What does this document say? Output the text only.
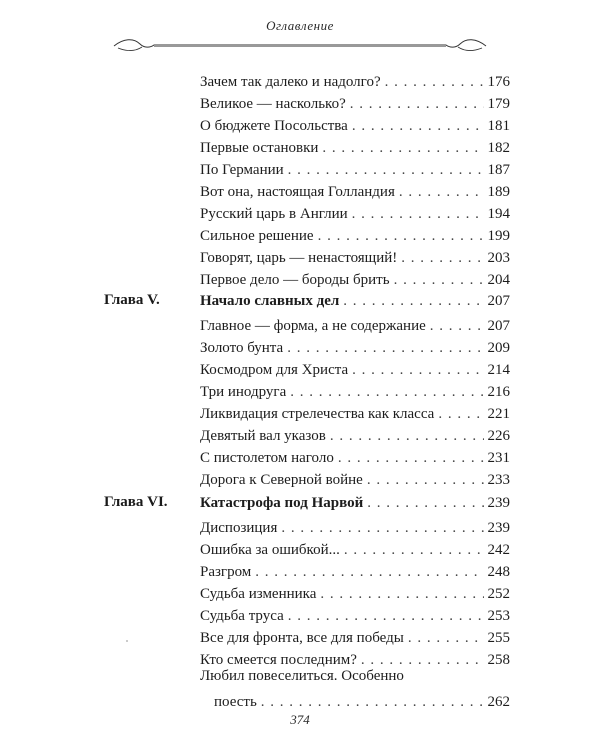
Оглавление
Зачем так далеко и надолго? . . .	176
Великое — насколько? . . .	179
О бюджете Посольства . . .	181
Первые остановки . . .	182
По Германии . . .	187
Вот она, настоящая Голландия . . .	189
Русский царь в Англии . . .	194
Сильное решение . . .	199
Говорят, царь — ненастоящий! . . .	203
Первое дело — бороды брить . . .	204
Глава V.	Начало славных дел . . .	207
Главное — форма, а не содержание . . .	207
Золото бунта . . .	209
Космодром для Христа . . .	214
Три инодруга . . .	216
Ликвидация стрелечества как класса . . .	221
Девятый вал указов . . .	226
С пистолетом наголо . . .	231
Дорога к Северной войне . . .	233
Глава VI. Катастрофа под Нарвой . . .	239
Диспозиция . . .	239
Ошибка за ошибкой... . . .	242
Разгром . . .	248
Судьба изменника . . .	252
Судьба труса . . .	253
Все для фронта, все для победы . . .	255
Кто смеется последним? . . .	258
Любил повеселиться. Особенно
поесть . . .	262
374
